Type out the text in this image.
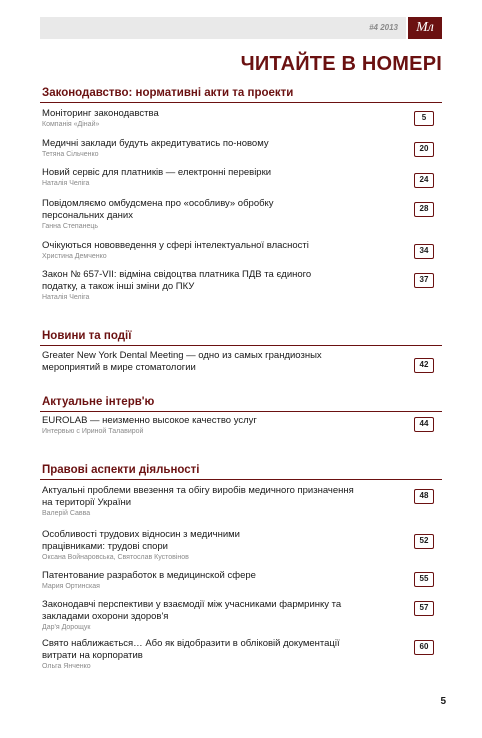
#4 2013	Мл
ЧИТАЙТЕ В НОМЕРІ
Законодавство: нормативні акти та проекти
Моніторинг законодавства
Компанія «Дінай»
5
Медичні заклади будуть акредитуватись по-новому
Тетяна Сільченко
20
Новий сервіс для платників — електронні перевірки
Наталія Челіга	24
Повідомляємо омбудсмена про «особливу» обробку персональних даних
Ганна Степанець
28
Очікуються нововведення у сфері інтелектуальної власності
Христина Демченко
34
Закон № 657-VII: відміна свідоцтва платника ПДВ та єдиного податку, а також інші зміни до ПКУ
Наталія Челіга
37
Новини та події
Greater New York Dental Meeting — одно из самых грандиозных мероприятий в мире стоматологии	42
Актуальне інтерв'ю
EUROLAB — неизменно высокое качество услуг
Интервью с Ириной Талавирой
44
Правові аспекти діяльності
Актуальні проблеми ввезення та обігу виробів медичного призначення на території України
Валерій Савва
48
Особливості трудових відносин з медичними працівниками: трудові спори
Оксана Войнаровська, Святослав Кустовінов
52
Патентование разработок в медицинской сфере
Мария Ортинская
55
Законодавчі перспективи у взаємодії між учасниками фармринку та закладами охорони здоров'я
Дар'я Дорощук
57
Свято наближається… Або як відобразити в обліковій документації витрати на корпоратив
Ольга Янченко
60
5
